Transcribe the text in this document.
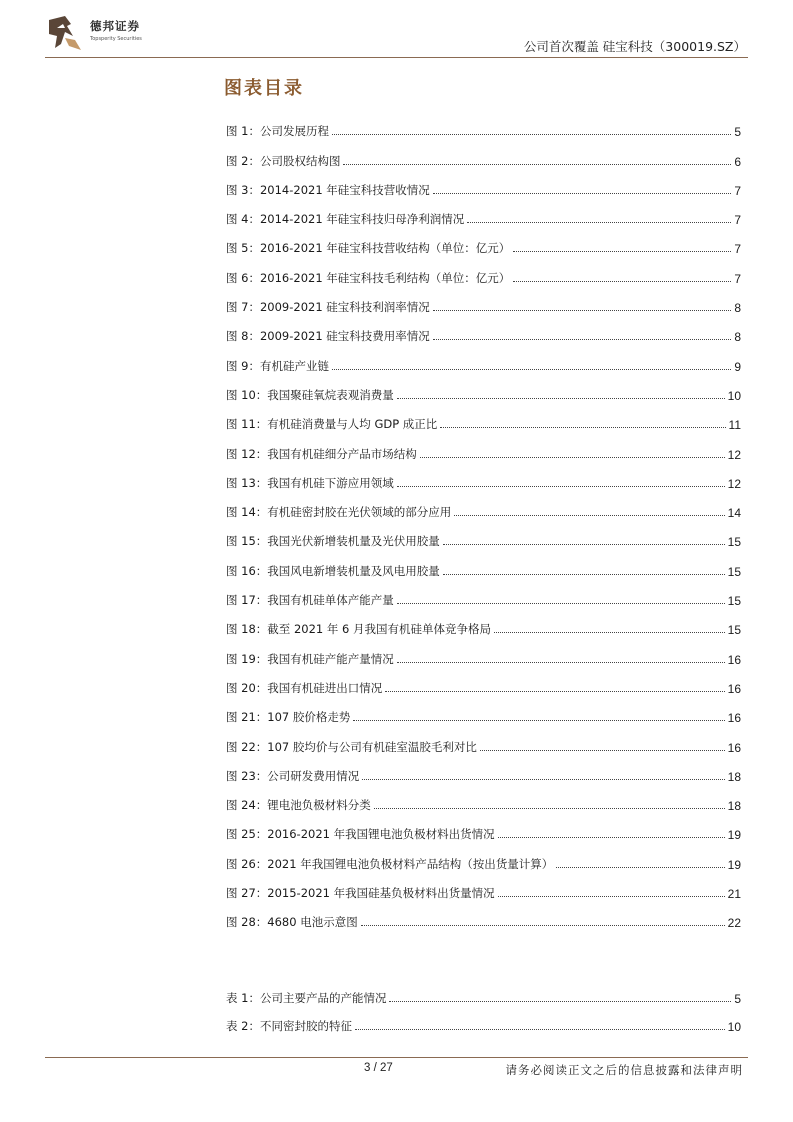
德邦证券
Topsperity Securities	公司首次覆盖 硅宝科技（300019.SZ）
图表目录
图 1：公司发展历程	5
图 2：公司股权结构图	6
图 3：2014-2021 年硅宝科技营收情况	7
图 4：2014-2021 年硅宝科技归母净利润情况	7
图 5：2016-2021 年硅宝科技营收结构（单位：亿元）	7
图 6：2016-2021 年硅宝科技毛利结构（单位：亿元）	7
图 7：2009-2021 硅宝科技利润率情况	8
图 8：2009-2021 硅宝科技费用率情况	8
图 9：有机硅产业链	9
图 10：我国聚硅氧烷表观消费量	10
图 11：有机硅消费量与人均 GDP 成正比	11
图 12：我国有机硅细分产品市场结构	12
图 13：我国有机硅下游应用领域	12
图 14：有机硅密封胶在光伏领域的部分应用	14
图 15：我国光伏新增装机量及光伏用胶量	15
图 16：我国风电新增装机量及风电用胶量	15
图 17：我国有机硅单体产能产量	15
图 18：截至 2021 年 6 月我国有机硅单体竞争格局	15
图 19：我国有机硅产能产量情况	16
图 20：我国有机硅进出口情况	16
图 21：107 胶价格走势	16
图 22：107 胶均价与公司有机硅室温胶毛利对比	16
图 23：公司研发费用情况	18
图 24：锂电池负极材料分类	18
图 25：2016-2021 年我国锂电池负极材料出货情况	19
图 26：2021 年我国锂电池负极材料产品结构（按出货量计算）	19
图 27：2015-2021 年我国硅基负极材料出货量情况	21
图 28：4680 电池示意图	22
表 1：公司主要产品的产能情况	5
表 2：不同密封胶的特征	10
3 / 27	请务必阅读正文之后的信息披露和法律声明
